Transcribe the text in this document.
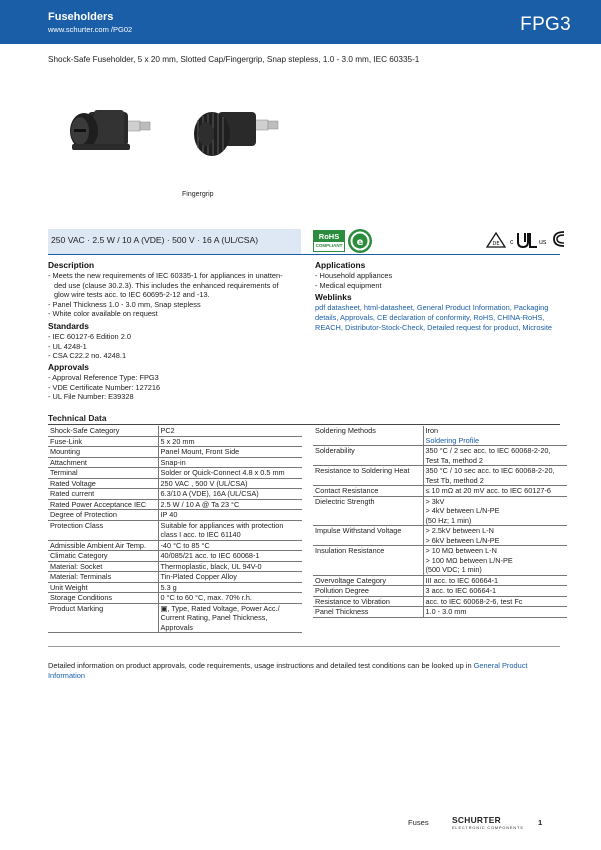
Fuseholders
www.schurter.com /PG02	FPG3
Shock-Safe Fuseholder, 5 x 20 mm, Slotted Cap/Fingergrip, Snap stepless, 1.0 - 3.0 mm, IEC 60335-1
Fingergrip
250 VAC · 2.5 W / 10 A (VDE) · 500 V · 16 A (UL/CSA)	RoHS
COMPLIANT e	DE c	us
Description
- Meets the new requirements of IEC 60335-1 for appliances in unatten-
ded use (clause 30.2.3). This includes the enhanced requirements of
glow wire tests acc. to IEC 60695-2-12 and -13.
- Panel Thickness 1.0 - 3.0 mm, Snap stepless
- White color available on request
Standards
- IEC 60127-6 Edition 2.0
- UL 4248-1
- CSA C22.2 no. 4248.1
Approvals
- Approval Reference Type: FPG3
- VDE Certificate Number: 127216
- UL File Number: E39328
Applications
- Household appliances
- Medical equipment
Weblinks
pdf datasheet, html-datasheet, General Product Information, Packaging details, Approvals, CE declaration of conformity, RoHS, CHINA-RoHS, REACH, Distributor-Stock-Check, Detailed request for product, Microsite
Technical Data
Shock-Safe Category	PC2
Fuse-Link	5 x 20 mm
Mounting	Panel Mount, Front Side
Attachment	Snap-in
Terminal	Solder or Quick-Connect 4.8 x 0.5 mm
Rated Voltage	250 VAC , 500 V (UL/CSA)
Rated current	6.3/10 A (VDE), 16A (UL/CSA)
Rated Power Acceptance IEC	2.5 W / 10 A @ Ta 23 °C
Degree of Protection	IP 40
Protection Class	Suitable for appliances with protection class I acc. to IEC 61140
Admissible Ambient Air Temp.	-40 °C to 85 °C
Climatic Category	40/085/21 acc. to IEC 60068-1
Material: Socket	Thermoplastic, black, UL 94V-0
Material: Terminals	Tin-Plated Copper Alloy
Unit Weight	5.3 g
Storage Conditions	0 °C to 60 °C, max. 70% r.h.
Product Marking	▣, Type, Rated Voltage, Power Acc./ Current Rating, Panel Thickness, Approvals
Soldering Methods	Iron
Soldering Profile
Solderability	350 °C / 2 sec acc. to IEC 60068-2-20, Test Ta, method 2
Resistance to Soldering Heat	350 °C / 10 sec acc. to IEC 60068-2-20, Test Tb, method 2
Contact Resistance	≤ 10 mΩ at 20 mV acc. to IEC 60127-6
Dielectric Strength	> 3kV
> 4kV between L/N-PE
(50 Hz; 1 min)
Impulse Withstand Voltage	> 2.5kV between L-N
> 6kV between L/N-PE
Insulation Resistance	> 10 MΩ between L-N
> 100 MΩ between L/N-PE
(500 VDC; 1 min)
Overvoltage Category	III acc. to IEC 60664-1
Pollution Degree	3 acc. to IEC 60664-1
Resistance to Vibration	acc. to IEC 60068-2-6, test Fc
Panel Thickness	1.0 - 3.0 mm
Detailed information on product approvals, code requirements, usage instructions and detailed test conditions can be looked up in General Product Information
Fuses	SCHURTER
ELECTRONIC COMPONENTS
1
